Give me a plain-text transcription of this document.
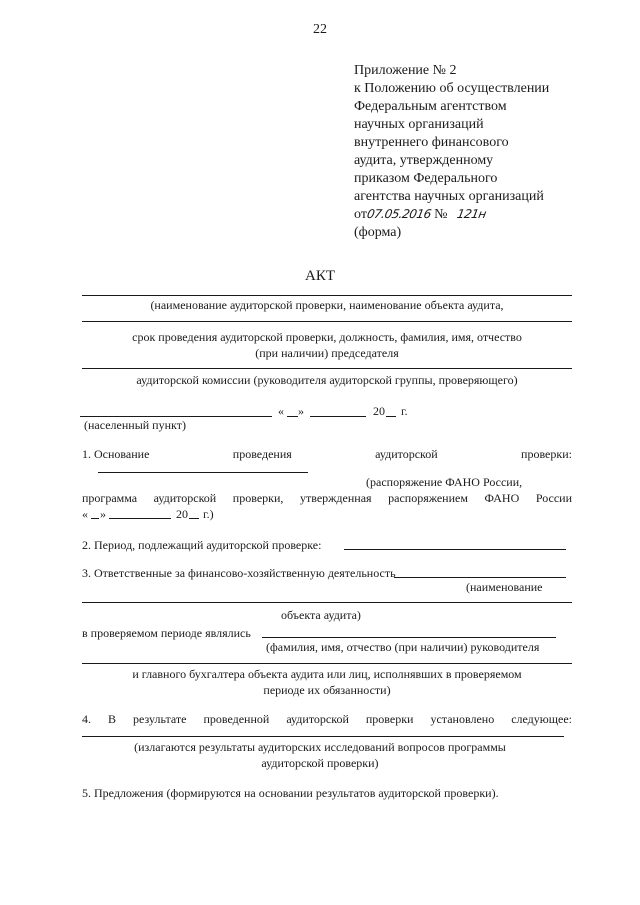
22
Приложение № 2
к Положению об осуществлении
Федеральным агентством
научных организаций
внутреннего финансового
аудита, утвержденному
приказом Федерального
агентства научных организаций
от07.05.2016 № 121н
(форма)
АКТ
(наименование аудиторской проверки, наименование объекта аудита,
срок проведения аудиторской проверки, должность, фамилия, имя, отчество
(при наличии) председателя
аудиторской комиссии (руководителя аудиторской группы, проверяющего)
« »	20 г.
(населенный пункт)
1. Основание	проведения	аудиторской	проверки:
(распоряжение ФАНО России,
программа аудиторской проверки, утвержденная распоряжением ФАНО России
« »	20 г.)
2. Период, подлежащий аудиторской проверке:
3. Ответственные за финансово-хозяйственную деятельность
(наименование
объекта аудита)
в проверяемом периоде являлись
(фамилия, имя, отчество (при наличии) руководителя
и главного бухгалтера объекта аудита или лиц, исполнявших в проверяемом
периоде их обязанности)
4. В результате проведенной аудиторской проверки установлено следующее:
(излагаются результаты аудиторских исследований вопросов программы
аудиторской проверки)
5. Предложения (формируются на основании результатов аудиторской проверки).
